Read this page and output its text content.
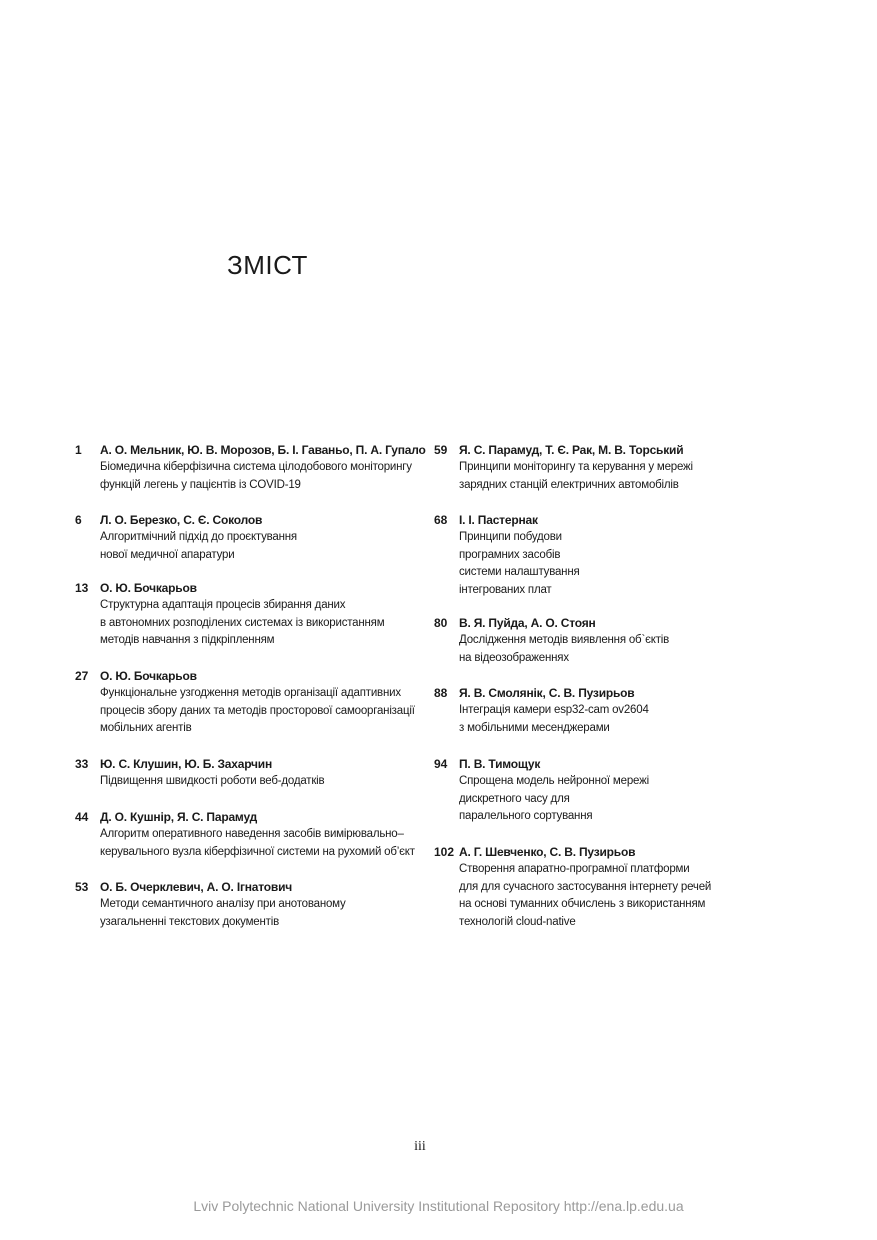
ЗМІСТ
1	А. О. Мельник, Ю. В. Морозов, Б. І. Гаваньо, П. А. Гупало
Біомедична кіберфізична система цілодобового моніторингу
функцій легень у пацієнтів із COVID-19
6	Л. О. Березко, С. Є. Соколов
Алгоритмічний підхід до проєктування
нової медичної апаратури
13 О. Ю. Бочкарьов
Структурна адаптація процесів збирання даних
в автономних розподілених системах із використанням
методів навчання з підкріпленням
27 О. Ю. Бочкарьов
Функціональне узгодження методів організації адаптивних
процесів збору даних та методів просторової самоорганізації
мобільних агентів
33 Ю. С. Клушин, Ю. Б. Захарчин
Підвищення швидкості роботи веб-додатків
44 Д. О. Кушнір, Я. С. Парамуд
Алгоритм оперативного наведення засобів вимірювально–
керувального вузла кіберфізичної системи на рухомий об’єкт
53 О. Б. Очерклевич, А. О. Ігнатович
Методи семантичного аналізу при анотованому
узагальненні текстових документів
59 Я. С. Парамуд, Т. Є. Рак, М. В. Торський
Принципи моніторингу та керування у мережі
зарядних станцій електричних автомобілів
68 І. І. Пастернак
Принципи побудови
програмних засобів
системи налаштування
інтегрованих плат
80 В. Я. Пуйда, А. О. Стоян
Дослідження методів виявлення об`єктів
на відеозображеннях
88 Я. В. Смолянік, С. В. Пузирьов
Інтеграція камери esp32-cam ov2604
з мобільними месенджерами
94 П. В. Тимощук
Спрощена модель нейронної мережі
дискретного часу для
паралельного сортування
102 А. Г. Шевченко, С. В. Пузирьов
Створення апаратно-програмної платформи
для для сучасного застосування інтернету речей
на основі туманних обчислень з використанням
технологій cloud-native
iii
Lviv Polytechnic National University Institutional Repository http://ena.lp.edu.ua
